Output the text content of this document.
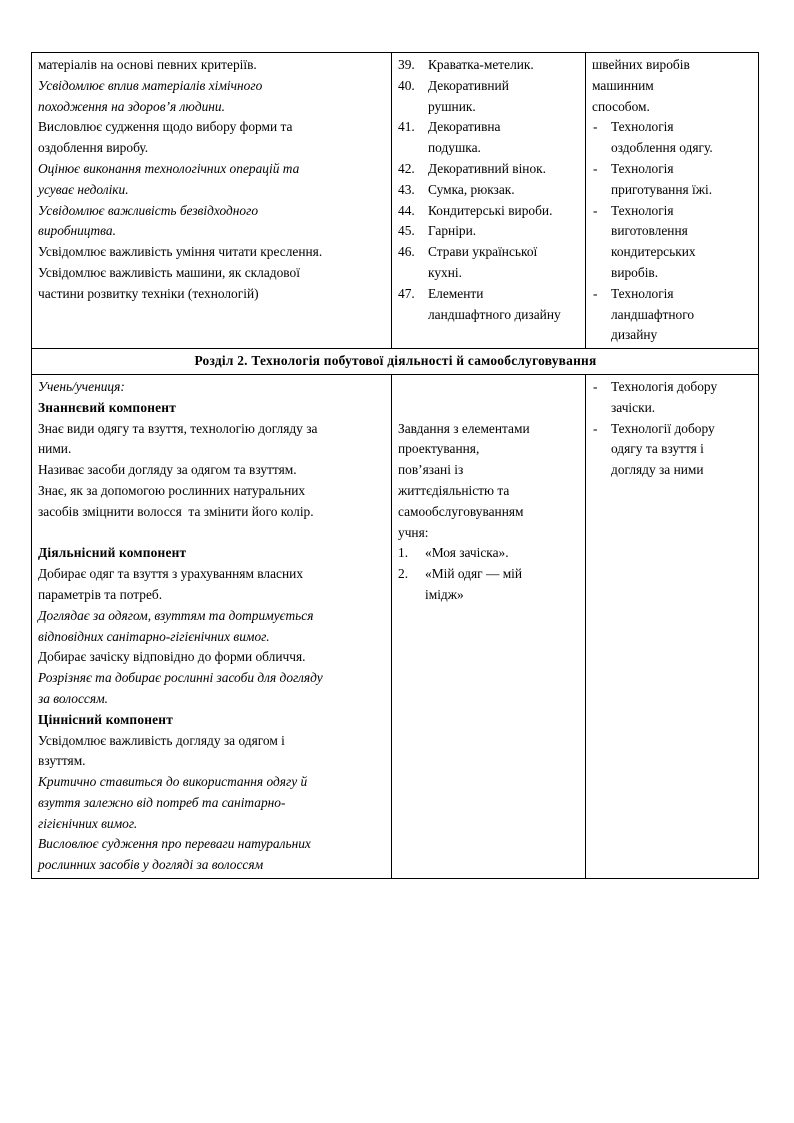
матеріалів на основі певних критеріїв.
Усвідомлює вплив матеріалів хімічного
походження на здоров’я людини.
Висловлює судження щодо вибору форми та
оздоблення виробу.
Оцінює виконання технологічних операцій та
усуває недоліки.
Усвідомлює важливість безвідходного
виробництва.
Усвідомлює важливість уміння читати креслення.
Усвідомлює важливість машини, як складової
частини розвитку техніки (технологій)

39. Краватка-метелик.
40. Декоративний
рушник.
41. Декоративна
подушка.
42. Декоративний вінок.
43. Сумка, рюкзак.
44. Кондитерські вироби.
45. Гарніри.
46. Страви української
кухні.
47. Елементи
ландшафтного дизайну

швейних виробів
машинним
способом.
- Технологія
оздоблення одягу.
- Технологія
приготування їжі.
- Технологія
виготовлення
кондитерських
виробів.
- Технологія
ландшафтного
дизайну

Розділ 2. Технологія побутової діяльності й самообслуговування		

Учень/учениця:
Знаннєвий компонент
Знає види одягу та взуття, технологію догляду за
ними.
Називає засоби догляду за одягом та взуттям.
Знає, як за допомогою рослинних натуральних
засобів зміцнити волосся  та змінити його колір.
Діяльнісний компонент
Добирає одяг та взуття з урахуванням власних
параметрів та потреб.
Доглядає за одягом, взуттям та дотримується
відповідних санітарно-гігієнічних вимог.
Добирає зачіску відповідно до форми обличчя.
Розрізняє та добирає рослинні засоби для догляду
за волоссям.
Ціннісний компонент
Усвідомлює важливість догляду за одягом і
взуттям.
Критично ставиться до використання одягу й
взуття залежно від потреб та санітарно-
гігієнічних вимог.
Висловлює судження про переваги натуральних
рослинних засобів у догляді за волоссям

Завдання з елементами
проектування,
пов’язані із
життєдіяльністю та
самообслуговуванням
учня:
1.	«Моя зачіска».
2.	«Мій одяг — мій
імідж»

- Технологія добору
зачіски.
- Технології добору
одягу та взуття і
догляду за ними
